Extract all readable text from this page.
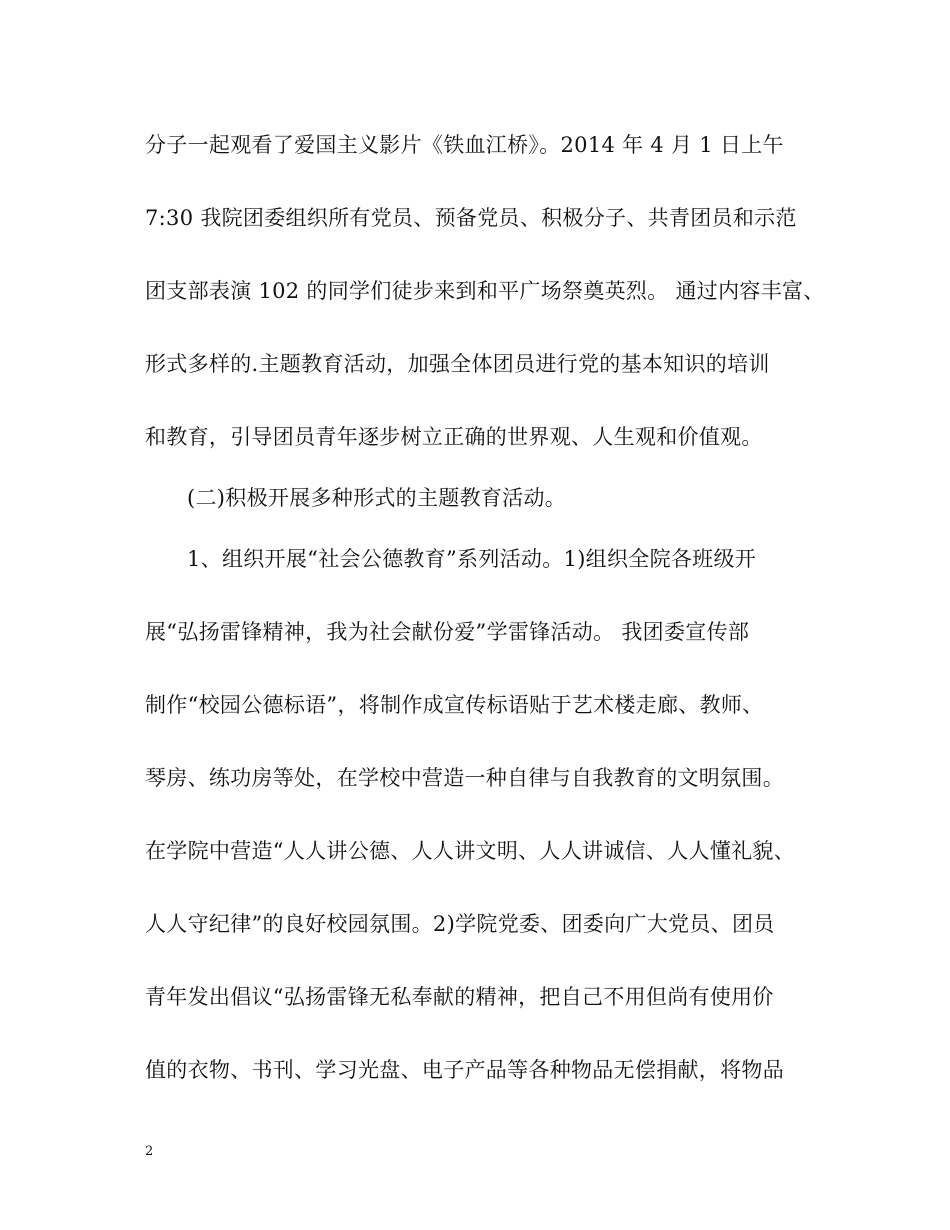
分子一起观看了爱国主义影片《铁血江桥》。2014 年 4 月 1 日上午
7:30 我院团委组织所有党员、预备党员、积极分子、共青团员和示范
团支部表演 102 的同学们徒步来到和平广场祭奠英烈。 通过内容丰富、
形式多样的.主题教育活动，加强全体团员进行党的基本知识的培训
和教育，引导团员青年逐步树立正确的世界观、人生观和价值观。
(二)积极开展多种形式的主题教育活动。
1、组织开展“社会公德教育”系列活动。1)组织全院各班级开
展“弘扬雷锋精神，我为社会献份爱”学雷锋活动。 我团委宣传部
制作“校园公德标语”，将制作成宣传标语贴于艺术楼走廊、教师、
琴房、练功房等处，在学校中营造一种自律与自我教育的文明氛围。
在学院中营造“人人讲公德、人人讲文明、人人讲诚信、人人懂礼貌、
人人守纪律”的良好校园氛围。2)学院党委、团委向广大党员、团员
青年发出倡议“弘扬雷锋无私奉献的精神，把自己不用但尚有使用价
值的衣物、书刊、学习光盘、电子产品等各种物品无偿捐献，将物品
2
